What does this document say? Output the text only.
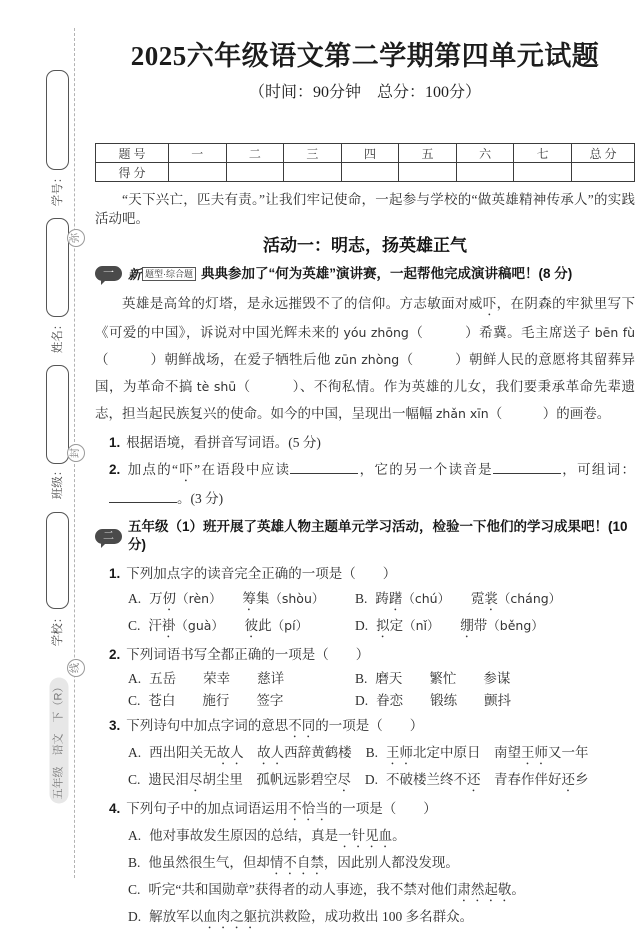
学号：
弥
姓名：
封
班级：
学校：
线
五年级　语文　下（R）
2025六年级语文第二学期第四单元试题
（时间：90分钟　总分：100分）
题 号	一	二	三	四	五	六	七	总 分
得 分								

“天下兴亡，匹夫有责。”让我们牢记使命，一起参与学校的“做英雄精神传承人”的实践活动吧。

活动一：明志，扬英雄正气
一	新 题型·综合题 典典参加了“何为英雄”演讲赛，一起帮他完成演讲稿吧！(8 分)

英雄是高耸的灯塔，是永远摧毁不了的信仰。方志敏面对威吓，在阴森的牢狱里写下《可爱的中国》，诉说对中国光辉未来的 yóu zhōng（　　　）希冀。毛主席送子 bēn fù（　　　）朝鲜战场，在爱子牺牲后他 zūn zhòng（　　　）朝鲜人民的意愿将其留葬异国，为革命不搞 tè shū（　　　）、不徇私情。作为英雄的儿女，我们要秉承革命先辈遗志，担当起民族复兴的使命。如今的中国，呈现出一幅幅 zhǎn xīn（　　　）的画卷。

1. 根据语境，看拼音写词语。(5 分)
2. 加点的“吓”在语段中应读	，它的另一个读音是	，可组词：。(3 分)
二
五年级（1）班开展了英雄人物主题单元学习活动，检验一下他们的学习成果吧！(10 分)
1. 下列加点字的读音完全正确的一项是（　　）
A. 万仞（rèn）　　 筹集（shòu）	B. 踌躇（chú）　　 霓裳（cháng）
C. 汗褂（guà）　　 彼此（pí）	D. 拟定（nǐ）　　 绷带（běng）
2. 下列词语书写全都正确的一项是（　　）
A. 五岳　　荣幸　　慈详	B. 磨天　　繁忙　　参谋
C. 苍白　　施行　　签字	D. 眷恋　　锻练　　颤抖
3. 下列诗句中加点字词的意思不同的一项是（　　）
A. 西出阳关无故人　 故人西辞黄鹤楼 B. 王师北定中原日　南望王师又一年
C. 遗民泪尽胡尘里　孤帆远影碧空尽 D. 不破楼兰终不还　青春作伴好还乡
4. 下列句子中的加点词语运用不恰当的一项是（　　）
A. 他对事故发生原因的总结，真是一针见血。
B. 他虽然很生气，但却情不自禁，因此别人都没发现。
C. 听完“共和国勋章”获得者的动人事迹，我不禁对他们肃然起敬。
D. 解放军以血肉之躯抗洪救险，成功救出 100 多名群众。
